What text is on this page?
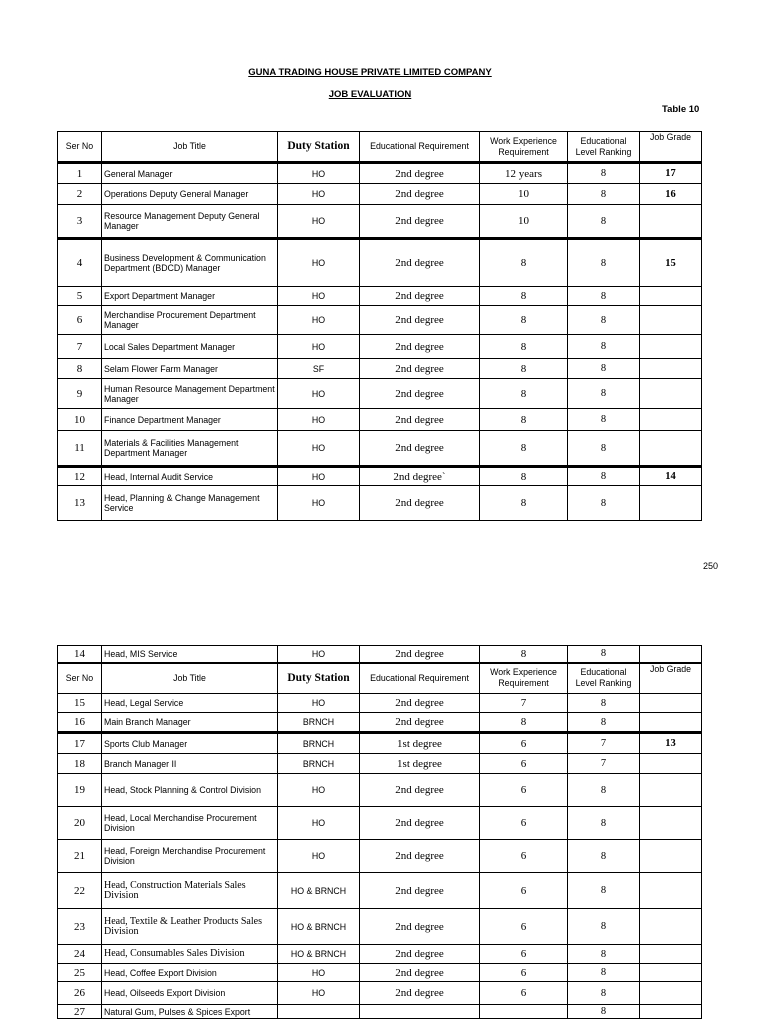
GUNA TRADING HOUSE PRIVATE LIMITED COMPANY
JOB EVALUATION
Table 10
250
Ser No	Job Title	Duty Station	Educational Requirement	Work Experience Requirement	Educational Level Ranking	Job Grade
1	General Manager	HO	2nd degree	12 years	8	17
2	Operations Deputy General Manager	HO	2nd degree	10	8	16
3	Resource Management Deputy General Manager	HO	2nd degree	10	8	
4	Business Development & Communication Department (BDCD) Manager	HO	2nd degree	8	8	15
5	Export Department Manager	HO	2nd degree	8	8	
6	Merchandise Procurement Department Manager	HO	2nd degree	8	8	
7	Local Sales Department Manager	HO	2nd degree	8	8	
8	Selam Flower Farm Manager	SF	2nd degree	8	8	
9	Human Resource Management Department Manager	HO	2nd degree	8	8	
10	Finance Department Manager	HO	2nd degree	8	8	
11	Materials & Facilities Management Department Manager	HO	2nd degree	8	8	
12	Head, Internal Audit Service	HO	2nd degree`	8	8	14
13	Head, Planning & Change Management Service	HO	2nd degree	8	8	
14	Head, MIS Service	HO	2nd degree	8	8	
Ser No	Job Title	Duty Station	Educational Requirement	Work Experience Requirement	Educational Level Ranking	Job Grade
15	Head, Legal Service	HO	2nd degree	7	8	
16	Main Branch Manager	BRNCH	2nd degree	8	8	
17	Sports Club Manager	BRNCH	1st degree	6	7	13
18	Branch Manager II	BRNCH	1st degree	6	7	
19	Head, Stock Planning & Control Division	HO	2nd degree	6	8	
20	Head, Local Merchandise Procurement Division	HO	2nd degree	6	8	
21	Head, Foreign Merchandise Procurement Division	HO	2nd degree	6	8	
22	Head, Construction Materials Sales Division	HO & BRNCH	2nd degree	6	8	
23	Head, Textile & Leather Products Sales Division	HO & BRNCH	2nd degree	6	8	
24	Head, Consumables Sales Division	HO & BRNCH	2nd degree	6	8	
25	Head, Coffee Export Division	HO	2nd degree	6	8	
26	Head, Oilseeds Export Division	HO	2nd degree	6	8	
27	Natural Gum, Pulses & Spices Export				8	
